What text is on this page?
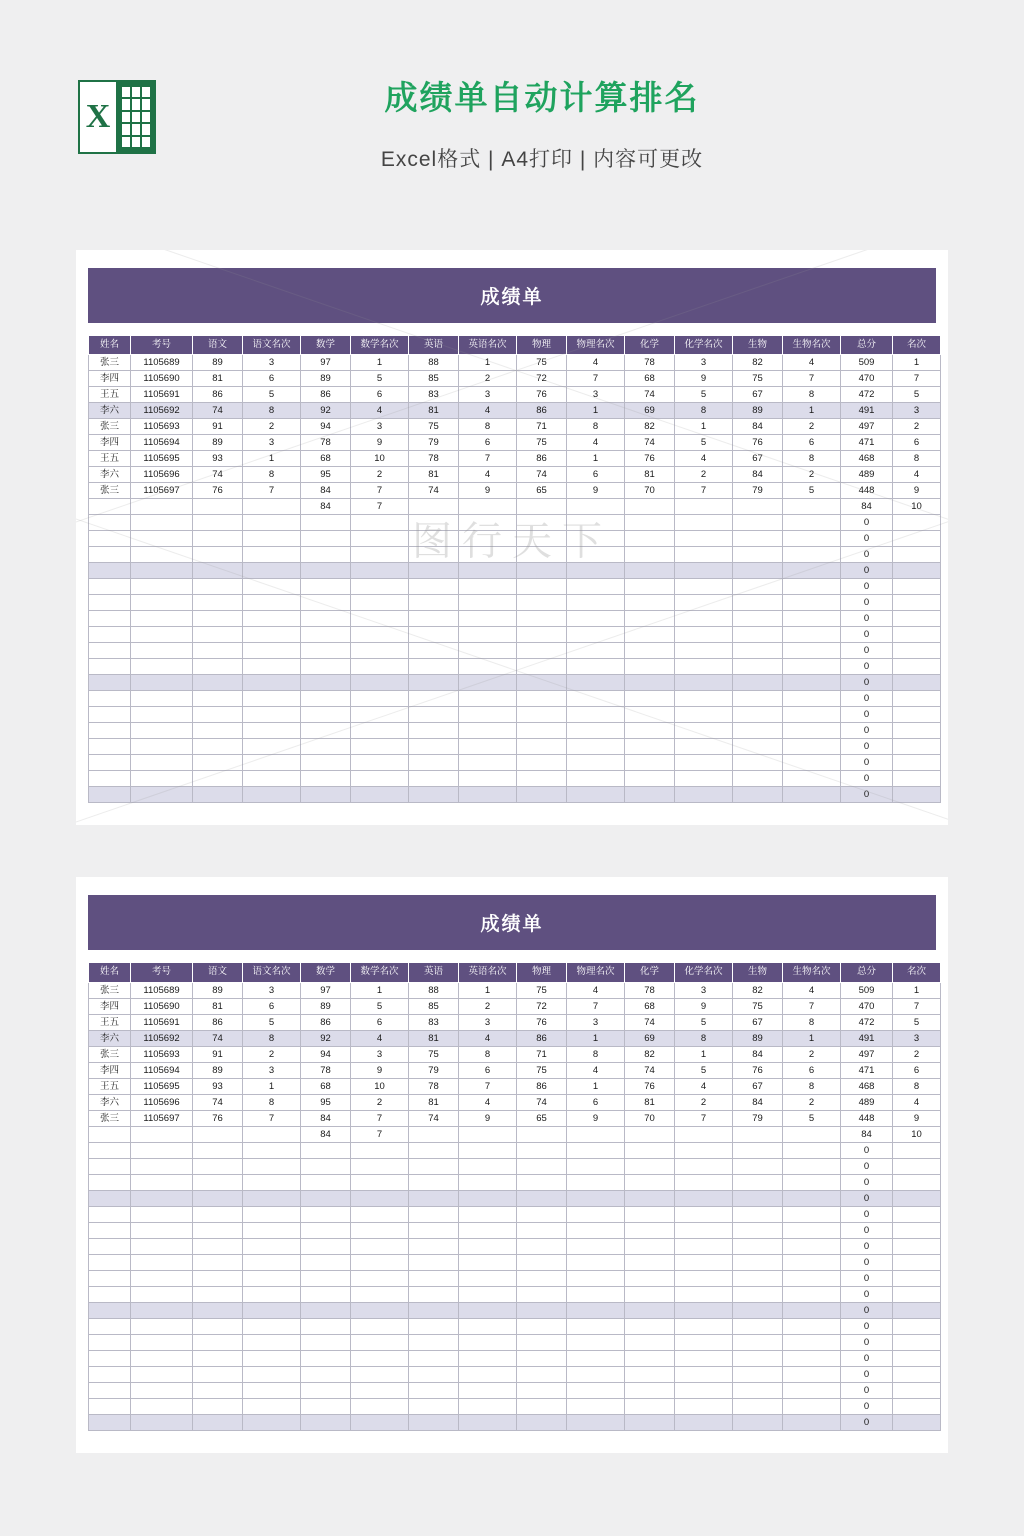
X
成绩单自动计算排名

Excel格式 | A4打印 | 内容可更改

成绩单
姓名	考号	语文	语文名次	数学	数学名次	英语	英语名次	物理	物理名次	化学	化学名次	生物	生物名次	总分	名次
张三	1105689	89	3	97	1	88	1	75	4	78	3	82	4	509	1
李四	1105690	81	6	89	5	85	2	72	7	68	9	75	7	470	7
王五	1105691	86	5	86	6	83	3	76	3	74	5	67	8	472	5
李六	1105692	74	8	92	4	81	4	86	1	69	8	89	1	491	3
张三	1105693	91	2	94	3	75	8	71	8	82	1	84	2	497	2
李四	1105694	89	3	78	9	79	6	75	4	74	5	76	6	471	6
王五	1105695	93	1	68	10	78	7	86	1	76	4	67	8	468	8
李六	1105696	74	8	95	2	81	4	74	6	81	2	84	2	489	4
张三	1105697	76	7	84	7	74	9	65	9	70	7	79	5	448	9
				84	7									84	10
														0	
														0	
														0	
														0	
														0	
														0	
														0	
														0	
														0	
														0	
														0	
														0	
														0	
														0	
														0	
														0	
														0	
														0	
图行天下
成绩单
姓名	考号	语文	语文名次	数学	数学名次	英语	英语名次	物理	物理名次	化学	化学名次	生物	生物名次	总分	名次
张三	1105689	89	3	97	1	88	1	75	4	78	3	82	4	509	1
李四	1105690	81	6	89	5	85	2	72	7	68	9	75	7	470	7
王五	1105691	86	5	86	6	83	3	76	3	74	5	67	8	472	5
李六	1105692	74	8	92	4	81	4	86	1	69	8	89	1	491	3
张三	1105693	91	2	94	3	75	8	71	8	82	1	84	2	497	2
李四	1105694	89	3	78	9	79	6	75	4	74	5	76	6	471	6
王五	1105695	93	1	68	10	78	7	86	1	76	4	67	8	468	8
李六	1105696	74	8	95	2	81	4	74	6	81	2	84	2	489	4
张三	1105697	76	7	84	7	74	9	65	9	70	7	79	5	448	9
				84	7									84	10
														0	
														0	
														0	
														0	
														0	
														0	
														0	
														0	
														0	
														0	
														0	
														0	
														0	
														0	
														0	
														0	
														0	
														0	
